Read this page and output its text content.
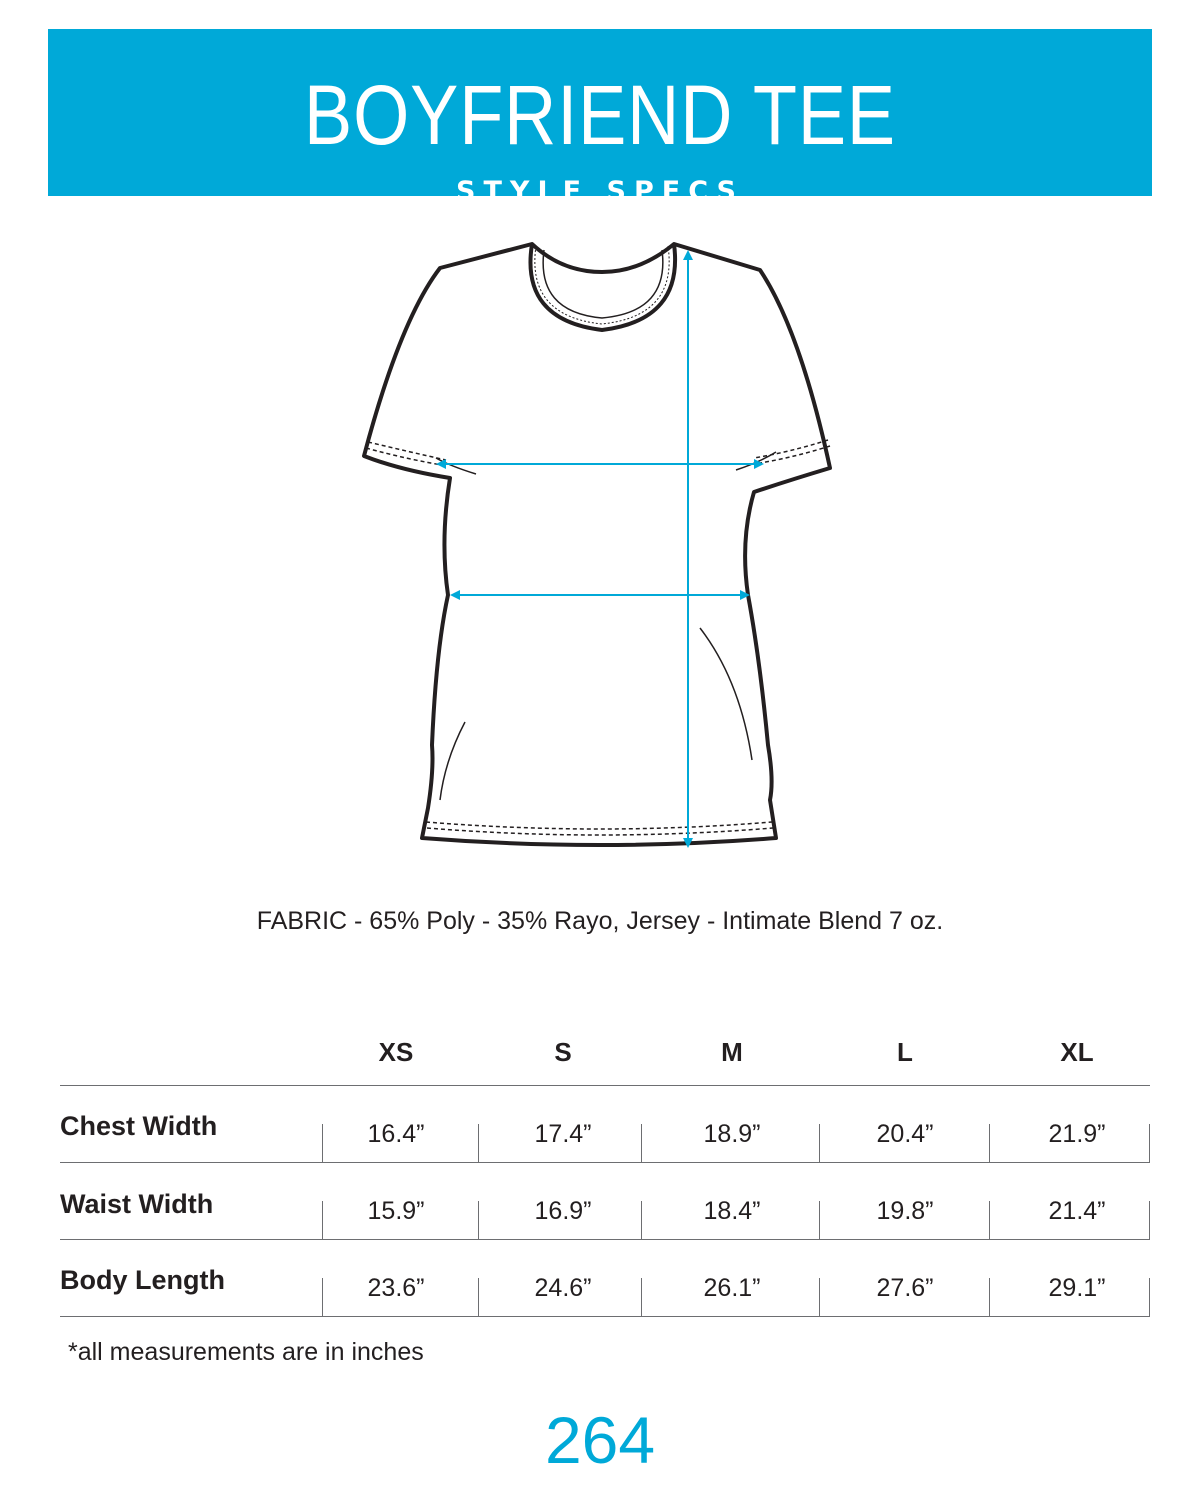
BOYFRIEND TEE
STYLE SPECS
FABRIC - 65% Poly - 35% Rayo, Jersey - Intimate Blend 7 oz.
XS	S	M	L	XL
Chest Width	16.4”	17.4”	18.9”	20.4”	21.9”
Waist Width	15.9”	16.9”	18.4”	19.8”	21.4”
Body Length	23.6”	24.6”	26.1”	27.6”	29.1”
*all measurements are in inches
264
